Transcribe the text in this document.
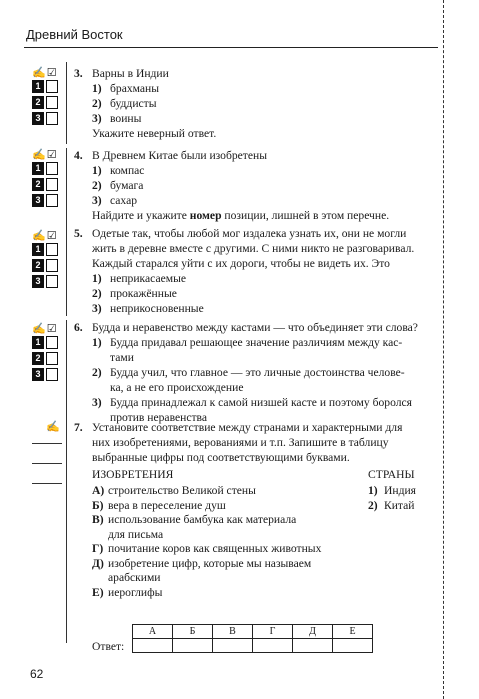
Древний Восток
✍☑
1
2
3
3. Варны в Индии
1) брахманы
2) буддисты
3) воины
Укажите неверный ответ.
✍☑
1
2
3
4. В Древнем Китае были изобретены
1) компас
2) бумага
3) сахар
Найдите и укажите номер позиции, лишней в этом перечне.
✍☑
1
2
3
5. Одетые так, чтобы любой мог издалека узнать их, они не могли
жить в деревне вместе с другими. С ними никто не разговаривал.
Каждый старался уйти с их дороги, чтобы не видеть их. Это
1) неприкасаемые
2) прокажённые
3) неприкосновенные
✍☑
1
2
3
6. Будда и неравенство между кастами — что объединяет эти слова?
1) Будда придавал решающее значение различиям между кас-
тами
2) Будда учил, что главное — это личные достоинства челове-
ка, а не его происхождение
3) Будда принадлежал к самой низшей касте и поэтому боролся
против неравенства
✍ 7. Установите соответствие между странами и характерными для
них изобретениями, верованиями и т.п. Запишите в таблицу
выбранные цифры под соответствующими буквами.
ИЗОБРЕТЕНИЯ	СТРАНЫ
А) строительство Великой стены
Б) вера в переселение душ
В) использование бамбука как материала
для письма
Г) почитание коров как священных животных
Д) изобретение цифр, которые мы называем
арабскими
Е) иероглифы
1) Индия
2) Китай
Ответ:
А	Б	В	Г	Д	Е

62
